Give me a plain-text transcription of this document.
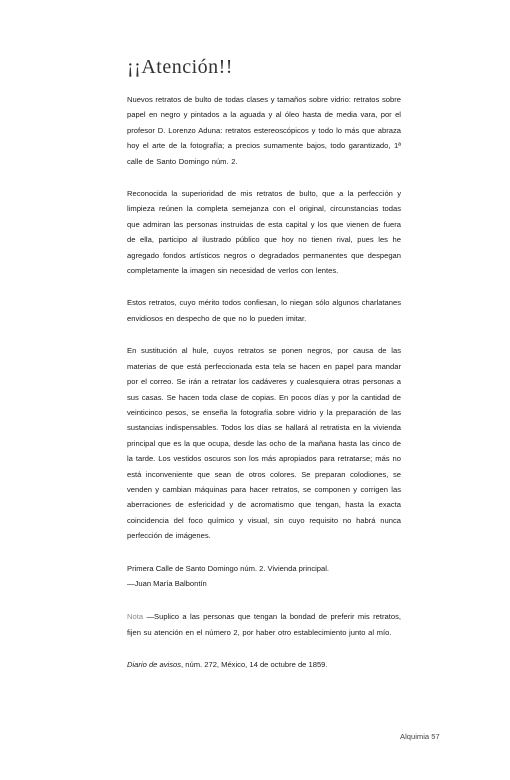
¡¡Atención!!

Nuevos retratos de bulto de todas clases y tamaños sobre vidrio: retratos sobre papel en negro y pintados a la aguada y al óleo hasta de media vara, por el profesor D. Lorenzo Aduna: retratos estereoscópicos y todo lo más que abraza hoy el arte de la fotografía; a precios sumamente bajos, todo garantizado, 1ª calle de Santo Domingo núm. 2.

Reconocida la superioridad de mis retratos de bulto, que a la perfección y limpieza reúnen la completa semejanza con el original, circunstancias todas que admiran las personas instruidas de esta capital y los que vienen de fuera de ella, participo al ilustrado público que hoy no tienen rival, pues les he agregado fondos artísticos negros o degradados permanentes que despegan completamente la imagen sin necesidad de verlos con lentes.

Estos retratos, cuyo mérito todos confiesan, lo niegan sólo algunos charlatanes envidiosos en despecho de que no lo pueden imitar.

En sustitución al hule, cuyos retratos se ponen negros, por causa de las materias de que está perfeccionada esta tela se hacen en papel para mandar por el correo. Se irán a retratar los cadáveres y cualesquiera otras personas a sus casas. Se hacen toda clase de copias. En pocos días y por la cantidad de veinticinco pesos, se enseña la fotografía sobre vidrio y la preparación de las sustancias indispensables. Todos los días se hallará al retratista en la vivienda principal que es la que ocupa, desde las ocho de la mañana hasta las cinco de la tarde. Los vestidos oscuros son los más apropiados para retratarse; más no está inconveniente que sean de otros colores. Se preparan colodiones, se venden y cambian máquinas para hacer retratos, se componen y corrigen las aberraciones de esfericidad y de acromatismo que tengan, hasta la exacta coincidencia del foco químico y visual, sin cuyo requisito no habrá nunca perfección de imágenes.

Primera Calle de Santo Domingo núm. 2. Vivienda principal.
—Juan María Balbontín

Nota —Suplico a las personas que tengan la bondad de preferir mis retratos, fijen su atención en el número 2, por haber otro establecimiento junto al mío.

Diario de avisos, núm. 272, México, 14 de octubre de 1859.

Alquimia 57
